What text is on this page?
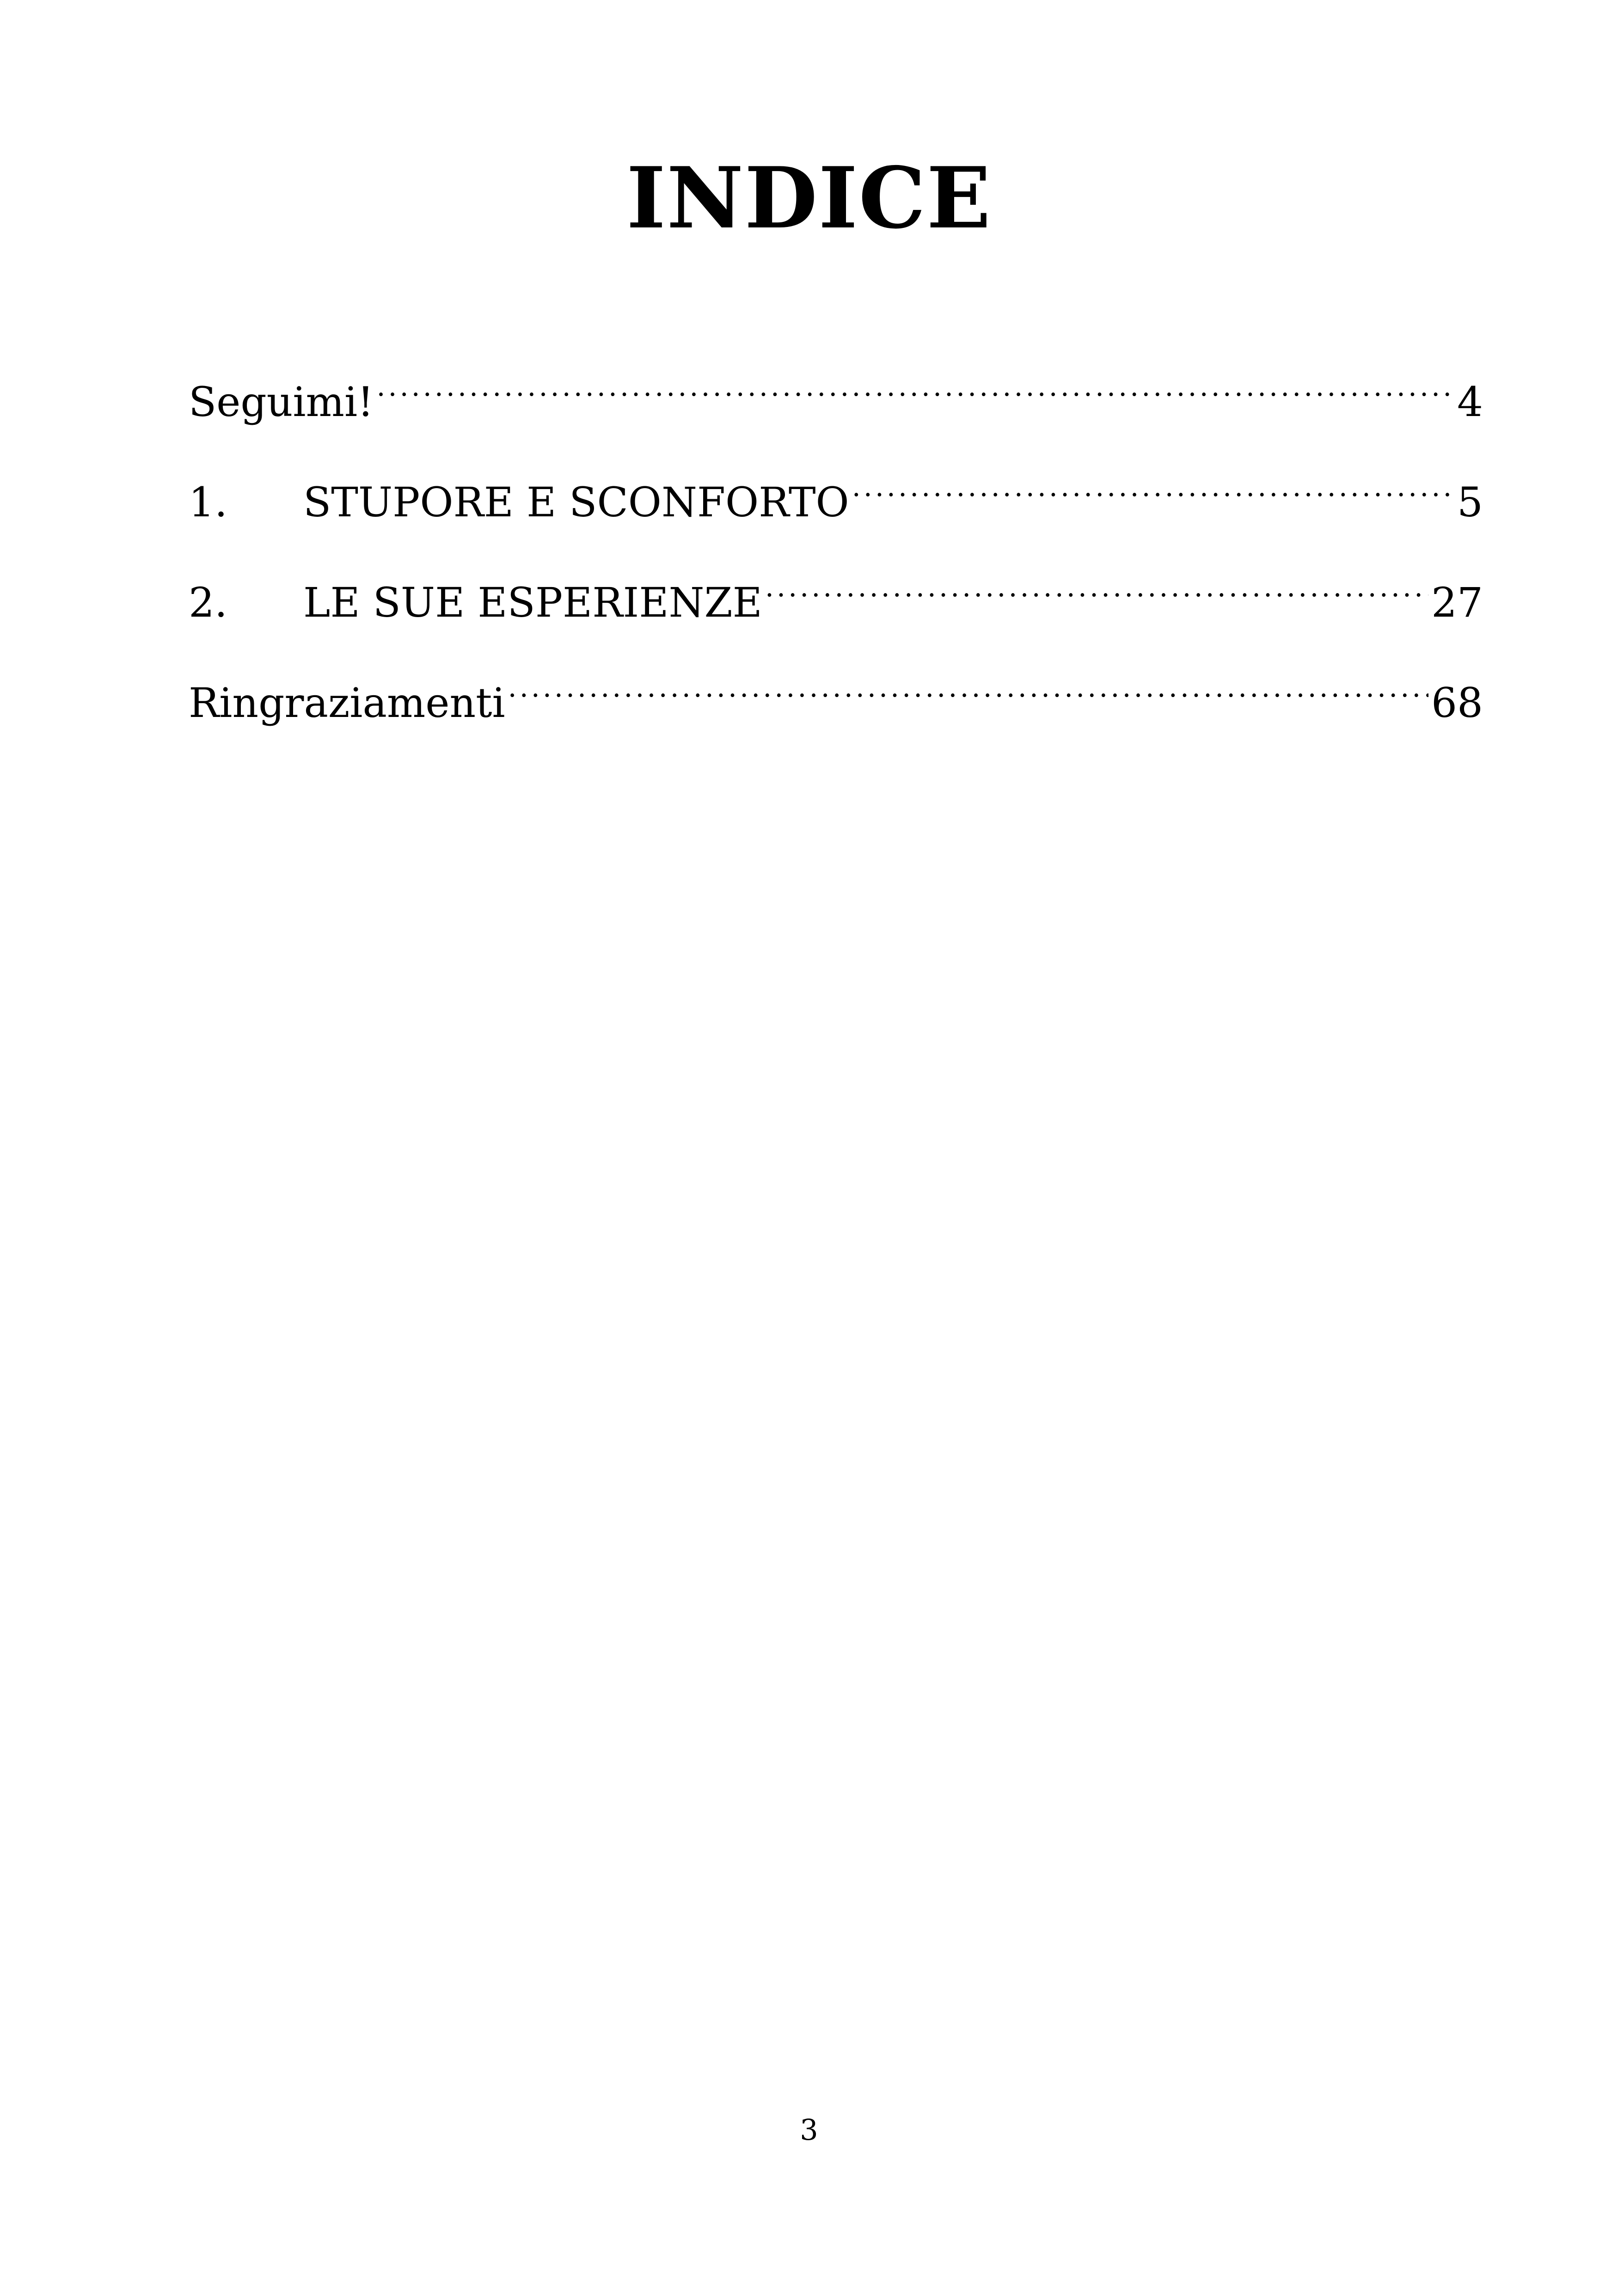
INDICE
Seguimi! .....	4
1.	STUPORE E SCONFORTO .....	5
2.	LE SUE ESPERIENZE .....	27
Ringraziamenti .....	68
3
